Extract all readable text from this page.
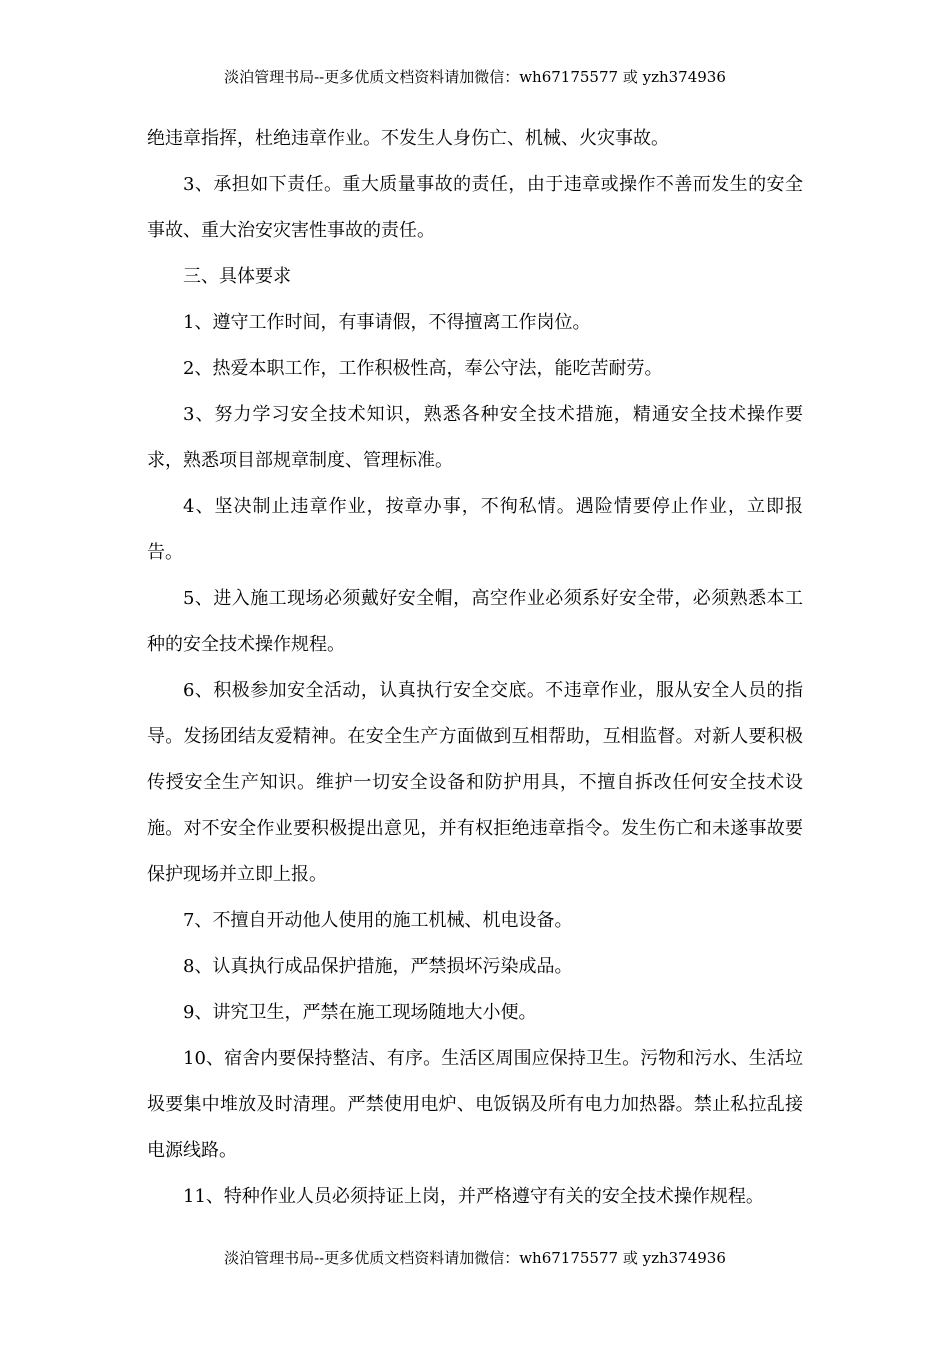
淡泊管理书局--更多优质文档资料请加微信：wh67175577 或 yzh374936

绝违章指挥，杜绝违章作业。不发生人身伤亡、机械、火灾事故。

3、承担如下责任。重大质量事故的责任，由于违章或操作不善而发生的安全事故、重大治安灾害性事故的责任。

三、具体要求

1、遵守工作时间，有事请假，不得擅离工作岗位。

2、热爱本职工作，工作积极性高，奉公守法，能吃苦耐劳。

3、努力学习安全技术知识，熟悉各种安全技术措施，精通安全技术操作要求，熟悉项目部规章制度、管理标准。

4、坚决制止违章作业，按章办事，不徇私情。遇险情要停止作业，立即报告。

5、进入施工现场必须戴好安全帽，高空作业必须系好安全带，必须熟悉本工种的安全技术操作规程。

6、积极参加安全活动，认真执行安全交底。不违章作业，服从安全人员的指导。发扬团结友爱精神。在安全生产方面做到互相帮助，互相监督。对新人要积极传授安全生产知识。维护一切安全设备和防护用具，不擅自拆改任何安全技术设施。对不安全作业要积极提出意见，并有权拒绝违章指令。发生伤亡和未遂事故要保护现场并立即上报。

7、不擅自开动他人使用的施工机械、机电设备。

8、认真执行成品保护措施，严禁损坏污染成品。

9、讲究卫生，严禁在施工现场随地大小便。

10、宿舍内要保持整洁、有序。生活区周围应保持卫生。污物和污水、生活垃圾要集中堆放及时清理。严禁使用电炉、电饭锅及所有电力加热器。禁止私拉乱接电源线路。

11、特种作业人员必须持证上岗，并严格遵守有关的安全技术操作规程。

淡泊管理书局--更多优质文档资料请加微信：wh67175577 或 yzh374936
